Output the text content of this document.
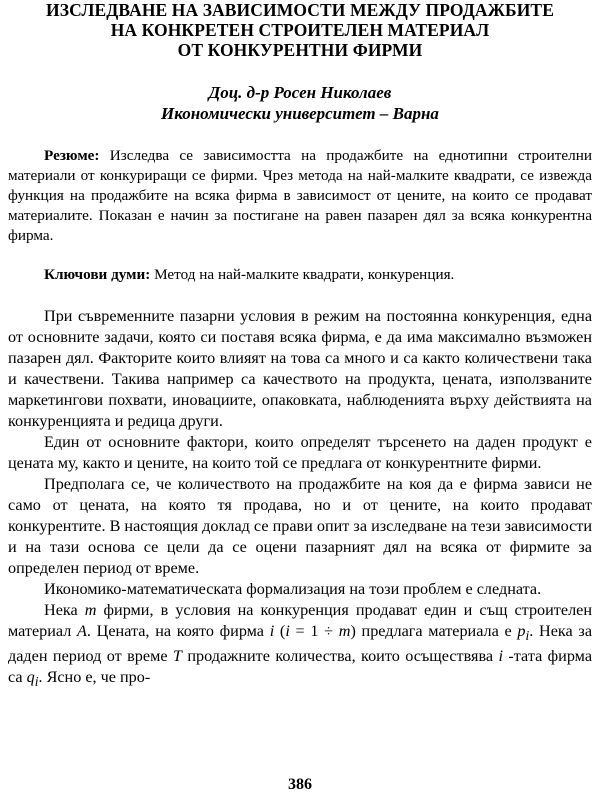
ИЗСЛЕДВАНЕ НА ЗАВИСИМОСТИ МЕЖДУ ПРОДАЖБИТЕ
НА КОНКРЕТЕН СТРОИТЕЛЕН МАТЕРИАЛ
ОТ КОНКУРЕНТНИ ФИРМИ
Доц. д-р Росен Николаев
Икономически университет – Варна
Резюме: Изследва се зависимостта на продажбите на еднотипни строителни материали от конкуриращи се фирми. Чрез метода на най-малките квадрати, се извежда функция на продажбите на всяка фирма в зависимост от цените, на които се продават материалите. Показан е начин за постигане на равен пазарен дял за всяка конкурентна фирма.
Ключови думи: Метод на най-малките квадрати, конкуренция.

При съвременните пазарни условия в режим на постоянна конкуренция, една от основните задачи, която си поставя всяка фирма, е да има максимално възможен пазарен дял. Факторите които влияят на това са много и са както количествени така и качествени. Такива например са качеството на продукта, цената, използваните маркетингови похвати, иновациите, опаковката, наблюденията върху действията на конкуренцията и редица други.

Един от основните фактори, които определят търсенето на даден продукт е цената му, както и цените, на които той се предлага от конкурентните фирми.

Предполага се, че количеството на продажбите на коя да е фирма зависи не само от цената, на която тя продава, но и от цените, на които продават конкурентите. В настоящия доклад се прави опит за изследване на тези зависимости и на тази основа се цели да се оцени пазарният дял на всяка от фирмите за определен период от време.

Икономико-математическата формализация на този проблем е следната.

Нека m фирми, в условия на конкуренция продават един и същ строителен материал A. Цената, на която фирма i (i = 1 ÷ m) предлага материала е $p_i$. Нека за даден период от време T продажните количества, които осъществява i -тата фирма са $q_i$. Ясно е, че про-

386
